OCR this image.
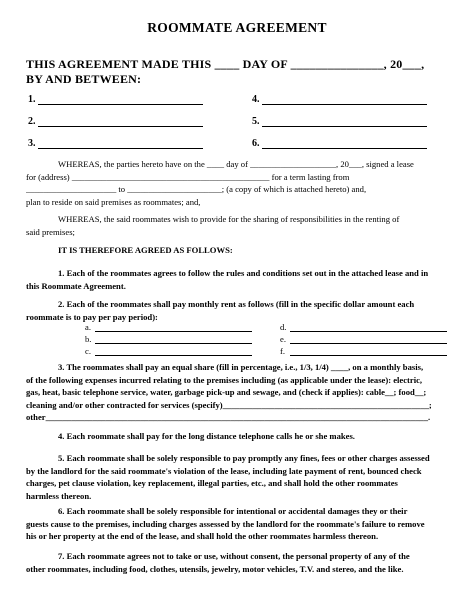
ROOMMATE AGREEMENT
THIS AGREEMENT MADE THIS ____ DAY OF _______________, 20___,
BY AND BETWEEN:
1.	4.
2.	5.
3.	6.

WHEREAS, the parties hereto have on the ____ day of ____________________, 20___, signed a lease

for (address) ______________________________________________ for a term lasting from

_____________________ to ______________________; (a copy of which is attached hereto) and,

plan to reside on said premises as roommates; and,

WHEREAS, the said roommates wish to provide for the sharing of responsibilities in the renting of

said premises;

IT IS THEREFORE AGREED AS FOLLOWS:

1. Each of the roommates agrees to follow the rules and conditions set out in the attached lease and in

this Roommate Agreement.

2. Each of the roommates shall pay monthly rent as follows (fill in the specific dollar amount each

roommate is to pay per pay period):

a.	d.
b.	e.
c.	f.

3. The roommates shall pay an equal share (fill in percentage, i.e., 1/3, 1/4) ____, on a monthly basis,

of the following expenses incurred relating to the premises including (as applicable under the lease): electric,

gas, heat, basic telephone service, water, garbage pick-up and sewage, and (check if applies): cable__; food__;

cleaning and/or other contracted for services (specify)________________________________________________;

other_________________________________________________________________________________________.

4. Each roommate shall pay for the long distance telephone calls he or she makes.

5. Each roommate shall be solely responsible to pay promptly any fines, fees or other charges assessed

by the landlord for the said roommate's violation of the lease, including late payment of rent, bounced check

charges, pet clause violation, key replacement, illegal parties, etc., and shall hold the other roommates

harmless thereon.

6. Each roommate shall be solely responsible for intentional or accidental damages they or their

guests cause to the premises, including charges assessed by the landlord for the roommate's failure to remove

his or her property at the end of the lease, and shall hold the other roommates harmless thereon.

7. Each roommate agrees not to take or use, without consent, the personal property of any of the

other roommates, including food, clothes, utensils, jewelry, motor vehicles, T.V. and stereo, and the like.
